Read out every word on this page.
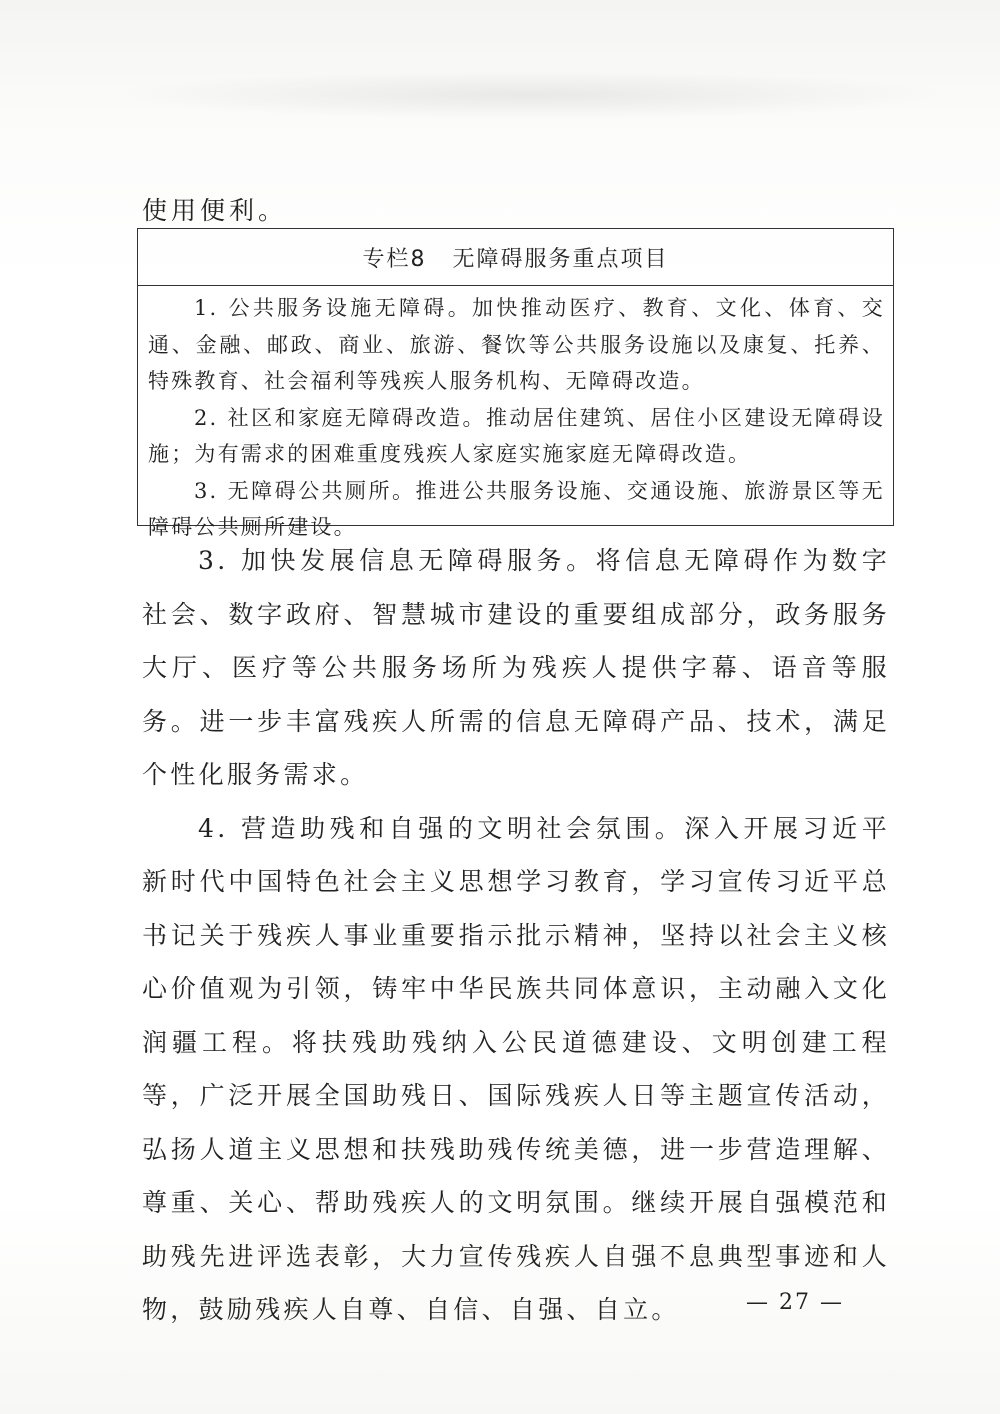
使用便利。
专栏8 无障碍服务重点项目

1. 公共服务设施无障碍。加快推动医疗、教育、文化、体育、交通、金融、邮政、商业、旅游、餐饮等公共服务设施以及康复、托养、特殊教育、社会福利等残疾人服务机构、无障碍改造。

2. 社区和家庭无障碍改造。推动居住建筑、居住小区建设无障碍设施；为有需求的困难重度残疾人家庭实施家庭无障碍改造。

3. 无障碍公共厕所。推进公共服务设施、交通设施、旅游景区等无障碍公共厕所建设。

3. 加快发展信息无障碍服务。将信息无障碍作为数字社会、数字政府、智慧城市建设的重要组成部分，政务服务大厅、医疗等公共服务场所为残疾人提供字幕、语音等服务。进一步丰富残疾人所需的信息无障碍产品、技术，满足个性化服务需求。

4. 营造助残和自强的文明社会氛围。深入开展习近平新时代中国特色社会主义思想学习教育，学习宣传习近平总书记关于残疾人事业重要指示批示精神，坚持以社会主义核心价值观为引领，铸牢中华民族共同体意识，主动融入文化润疆工程。将扶残助残纳入公民道德建设、文明创建工程等，广泛开展全国助残日、国际残疾人日等主题宣传活动，弘扬人道主义思想和扶残助残传统美德，进一步营造理解、尊重、关心、帮助残疾人的文明氛围。继续开展自强模范和助残先进评选表彰，大力宣传残疾人自强不息典型事迹和人物，鼓励残疾人自尊、自信、自强、自立。	— 27 —
